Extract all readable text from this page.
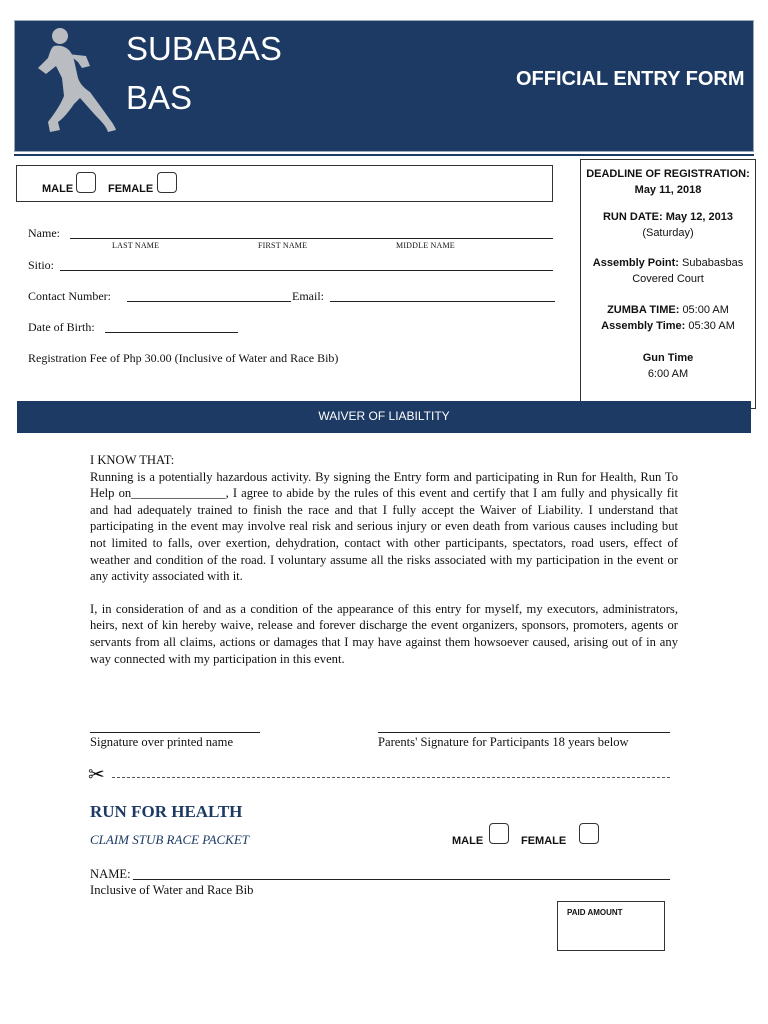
SUBABAS
BAS	OFFICIAL ENTRY FORM
MALE	FEMALE
Name:
LAST NAME	FIRST NAME	MIDDLE NAME
Sitio:
Contact Number:	Email:
Date of Birth:
Registration Fee of Php 30.00 (Inclusive of Water and Race Bib)

DEADLINE OF REGISTRATION:

May 11, 2018

RUN DATE: May 12, 2013

(Saturday)

Assembly Point: Subabasbas

Covered Court

ZUMBA TIME: 05:00 AM

Assembly Time: 05:30 AM

Gun Time

6:00 AM

WAIVER OF LIABILTITY

I KNOW THAT:

Running is a potentially hazardous activity. By signing the Entry form and participating in Run for Health, Run To Help on_______________, I agree to abide by the rules of this event and certify that I am fully and physically fit and had adequately trained to finish the race and that I fully accept the Waiver of Liability. I understand that participating in the event may involve real risk and serious injury or even death from various causes including but not limited to falls, over exertion, dehydration, contact with other participants, spectators, road users, effect of weather and condition of the road. I voluntary assume all the risks associated with my participation in the event or any activity associated with it.

I, in consideration of and as a condition of the appearance of this entry for myself, my executors, administrators, heirs, next of kin hereby waive, release and forever discharge the event organizers, sponsors, promoters, agents or servants from all claims, actions or damages that I may have against them howsoever caused, arising out of in any way connected with my participation in this event.

Signature over printed name	Parents' Signature for Participants 18 years below
✂
RUN FOR HEALTH
CLAIM STUB RACE PACKET	MALE	FEMALE
NAME:
Inclusive of Water and Race Bib
PAID AMOUNT
